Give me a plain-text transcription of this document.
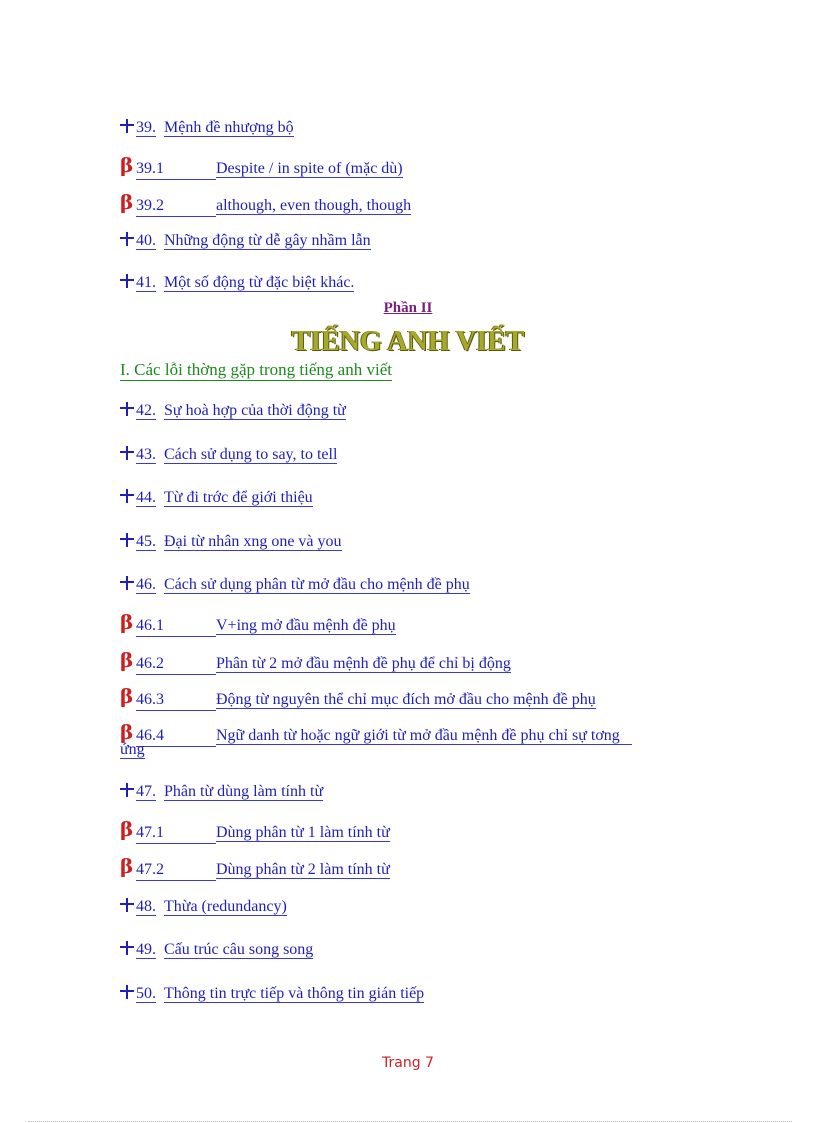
39. Mệnh đề nhượng bộ
β 39.1	Despite / in spite of (mặc dù)
β 39.2	although, even though, though
40. Những động từ dễ gây nhầm lẫn
41. Một số động từ đặc biệt khác.
Phần II
TIẾNG ANH VIẾT
I. Các lỗi thờng gặp trong tiếng anh viết
42. Sự hoà hợp của thời động từ
43. Cách sử dụng to say, to tell
44. Từ đi trớc để giới thiệu
45. Đại từ nhân xng one và you
46. Cách sử dụng phân từ mở đầu cho mệnh đề phụ
β 46.1	V+ing mở đầu mệnh đề phụ
β 46.2	Phân từ 2 mở đầu mệnh đề phụ để chỉ bị động
β 46.3	Động từ nguyên thể chỉ mục đích mở đầu cho mệnh đề phụ
β 46.4	Ngữ danh từ hoặc ngữ giới từ mở đầu mệnh đề phụ chỉ sự tơng
ứng
47. Phân từ dùng làm tính từ
β 47.1	Dùng phân từ 1 làm tính từ
β 47.2	Dùng phân từ 2 làm tính từ
48. Thừa (redundancy)
49. Cấu trúc câu song song
50. Thông tin trực tiếp và thông tin gián tiếp
Trang 7
